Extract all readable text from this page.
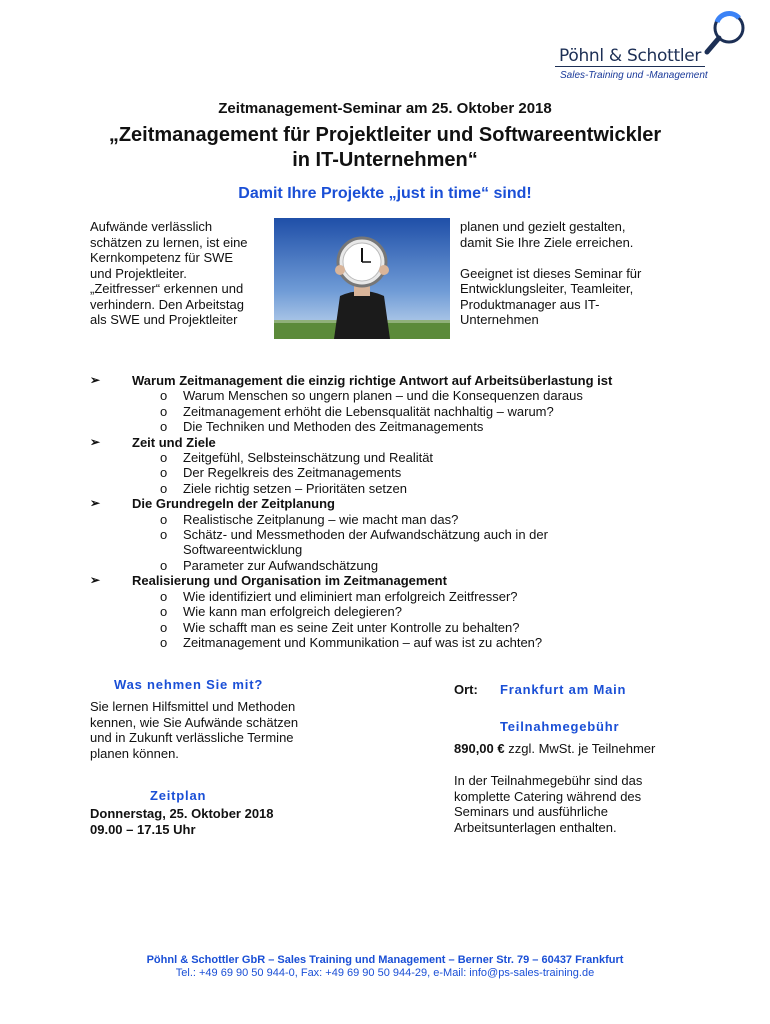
Pöhnl & Schottler
Sales-Training und -Management
Zeitmanagement-Seminar am 25. Oktober 2018
„Zeitmanagement für Projektleiter und Softwareentwickler
in IT-Unternehmen“
Damit Ihre Projekte „just in time“ sind!
Aufwände verlässlich
schätzen zu lernen, ist eine
Kernkompetenz für SWE
und Projektleiter.
„Zeitfresser“ erkennen und
verhindern. Den Arbeitstag
als SWE und Projektleiter
planen und gezielt gestalten,
damit Sie Ihre Ziele erreichen.
Geeignet ist dieses Seminar für
Entwicklungsleiter, Teamleiter,
Produktmanager aus IT-
Unternehmen
➢ Warum Zeitmanagement die einzig richtige Antwort auf Arbeitsüberlastung ist
o Warum Menschen so ungern planen – und die Konsequenzen daraus
o Zeitmanagement erhöht die Lebensqualität nachhaltig – warum?
o Die Techniken und Methoden des Zeitmanagements
➢ Zeit und Ziele
o Zeitgefühl, Selbsteinschätzung und Realität
o Der Regelkreis des Zeitmanagements
o Ziele richtig setzen – Prioritäten setzen
➢ Die Grundregeln der Zeitplanung
o Realistische Zeitplanung – wie macht man das?
o Schätz- und Messmethoden der Aufwandschätzung auch in der Softwareentwicklung
o Parameter zur Aufwandschätzung
➢ Realisierung und Organisation im Zeitmanagement
o Wie identifiziert und eliminiert man erfolgreich Zeitfresser?
o Wie kann man erfolgreich delegieren?
o Wie schafft man es seine Zeit unter Kontrolle zu behalten?
o Zeitmanagement und Kommunikation – auf was ist zu achten?
Was nehmen Sie mit?
Sie lernen Hilfsmittel und Methoden
kennen, wie Sie Aufwände schätzen
und in Zukunft verlässliche Termine
planen können.
Zeitplan
Donnerstag, 25. Oktober 2018
09.00 – 17.15 Uhr
Ort: Frankfurt am Main
Teilnahmegebühr
890,00 € zzgl. MwSt. je Teilnehmer
In der Teilnahmegebühr sind das
komplette Catering während des
Seminars und ausführliche
Arbeitsunterlagen enthalten.
Pöhnl & Schottler GbR – Sales Training und Management – Berner Str. 79 – 60437 Frankfurt
Tel.: +49 69 90 50 944-0, Fax: +49 69 90 50 944-29, e-Mail: info@ps-sales-training.de
